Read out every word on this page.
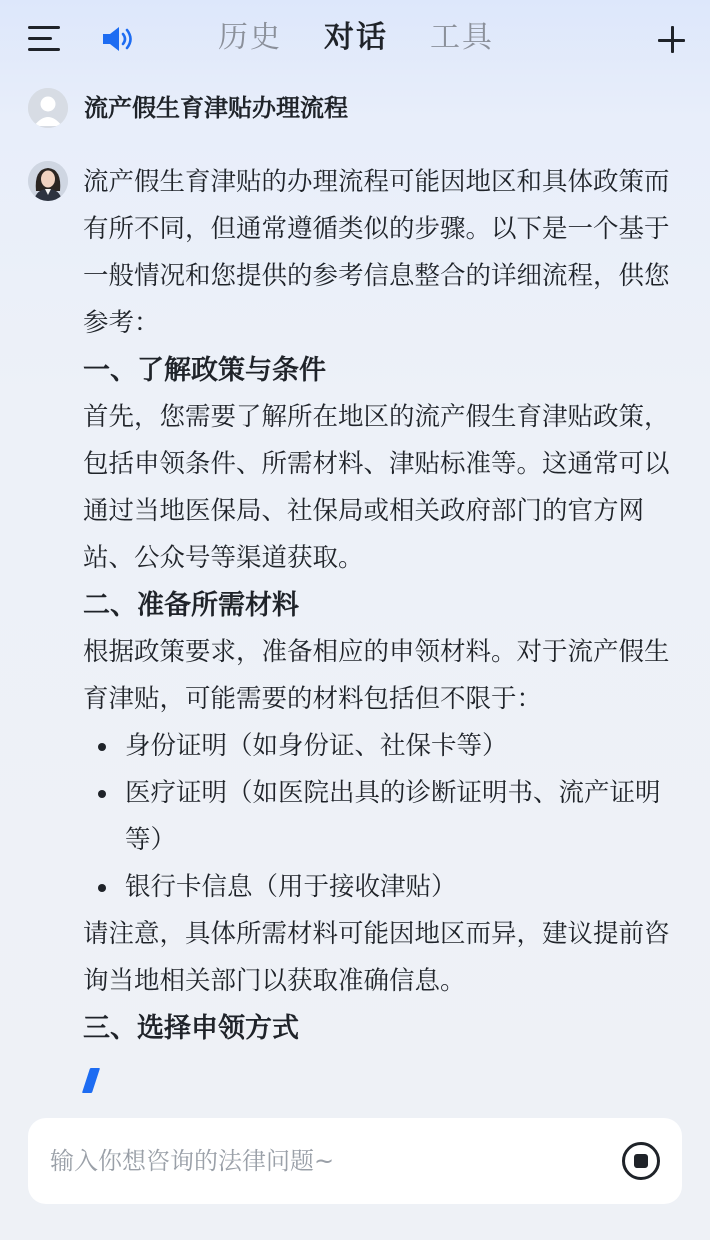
历史 对话 工具
流产假生育津贴办理流程

流产假生育津贴的办理流程可能因地区和具体政策而有所不同，但通常遵循类似的步骤。以下是一个基于一般情况和您提供的参考信息整合的详细流程，供您参考：

一、了解政策与条件

首先，您需要了解所在地区的流产假生育津贴政策，包括申领条件、所需材料、津贴标准等。这通常可以通过当地医保局、社保局或相关政府部门的官方网站、公众号等渠道获取。

二、准备所需材料

根据政策要求，准备相应的申领材料。对于流产假生育津贴，可能需要的材料包括但不限于：

身份证明（如身份证、社保卡等）
医疗证明（如医院出具的诊断证明书、流产证明等）
银行卡信息（用于接收津贴）

请注意，具体所需材料可能因地区而异，建议提前咨询当地相关部门以获取准确信息。

三、选择申领方式
输入你想咨询的法律问题~
